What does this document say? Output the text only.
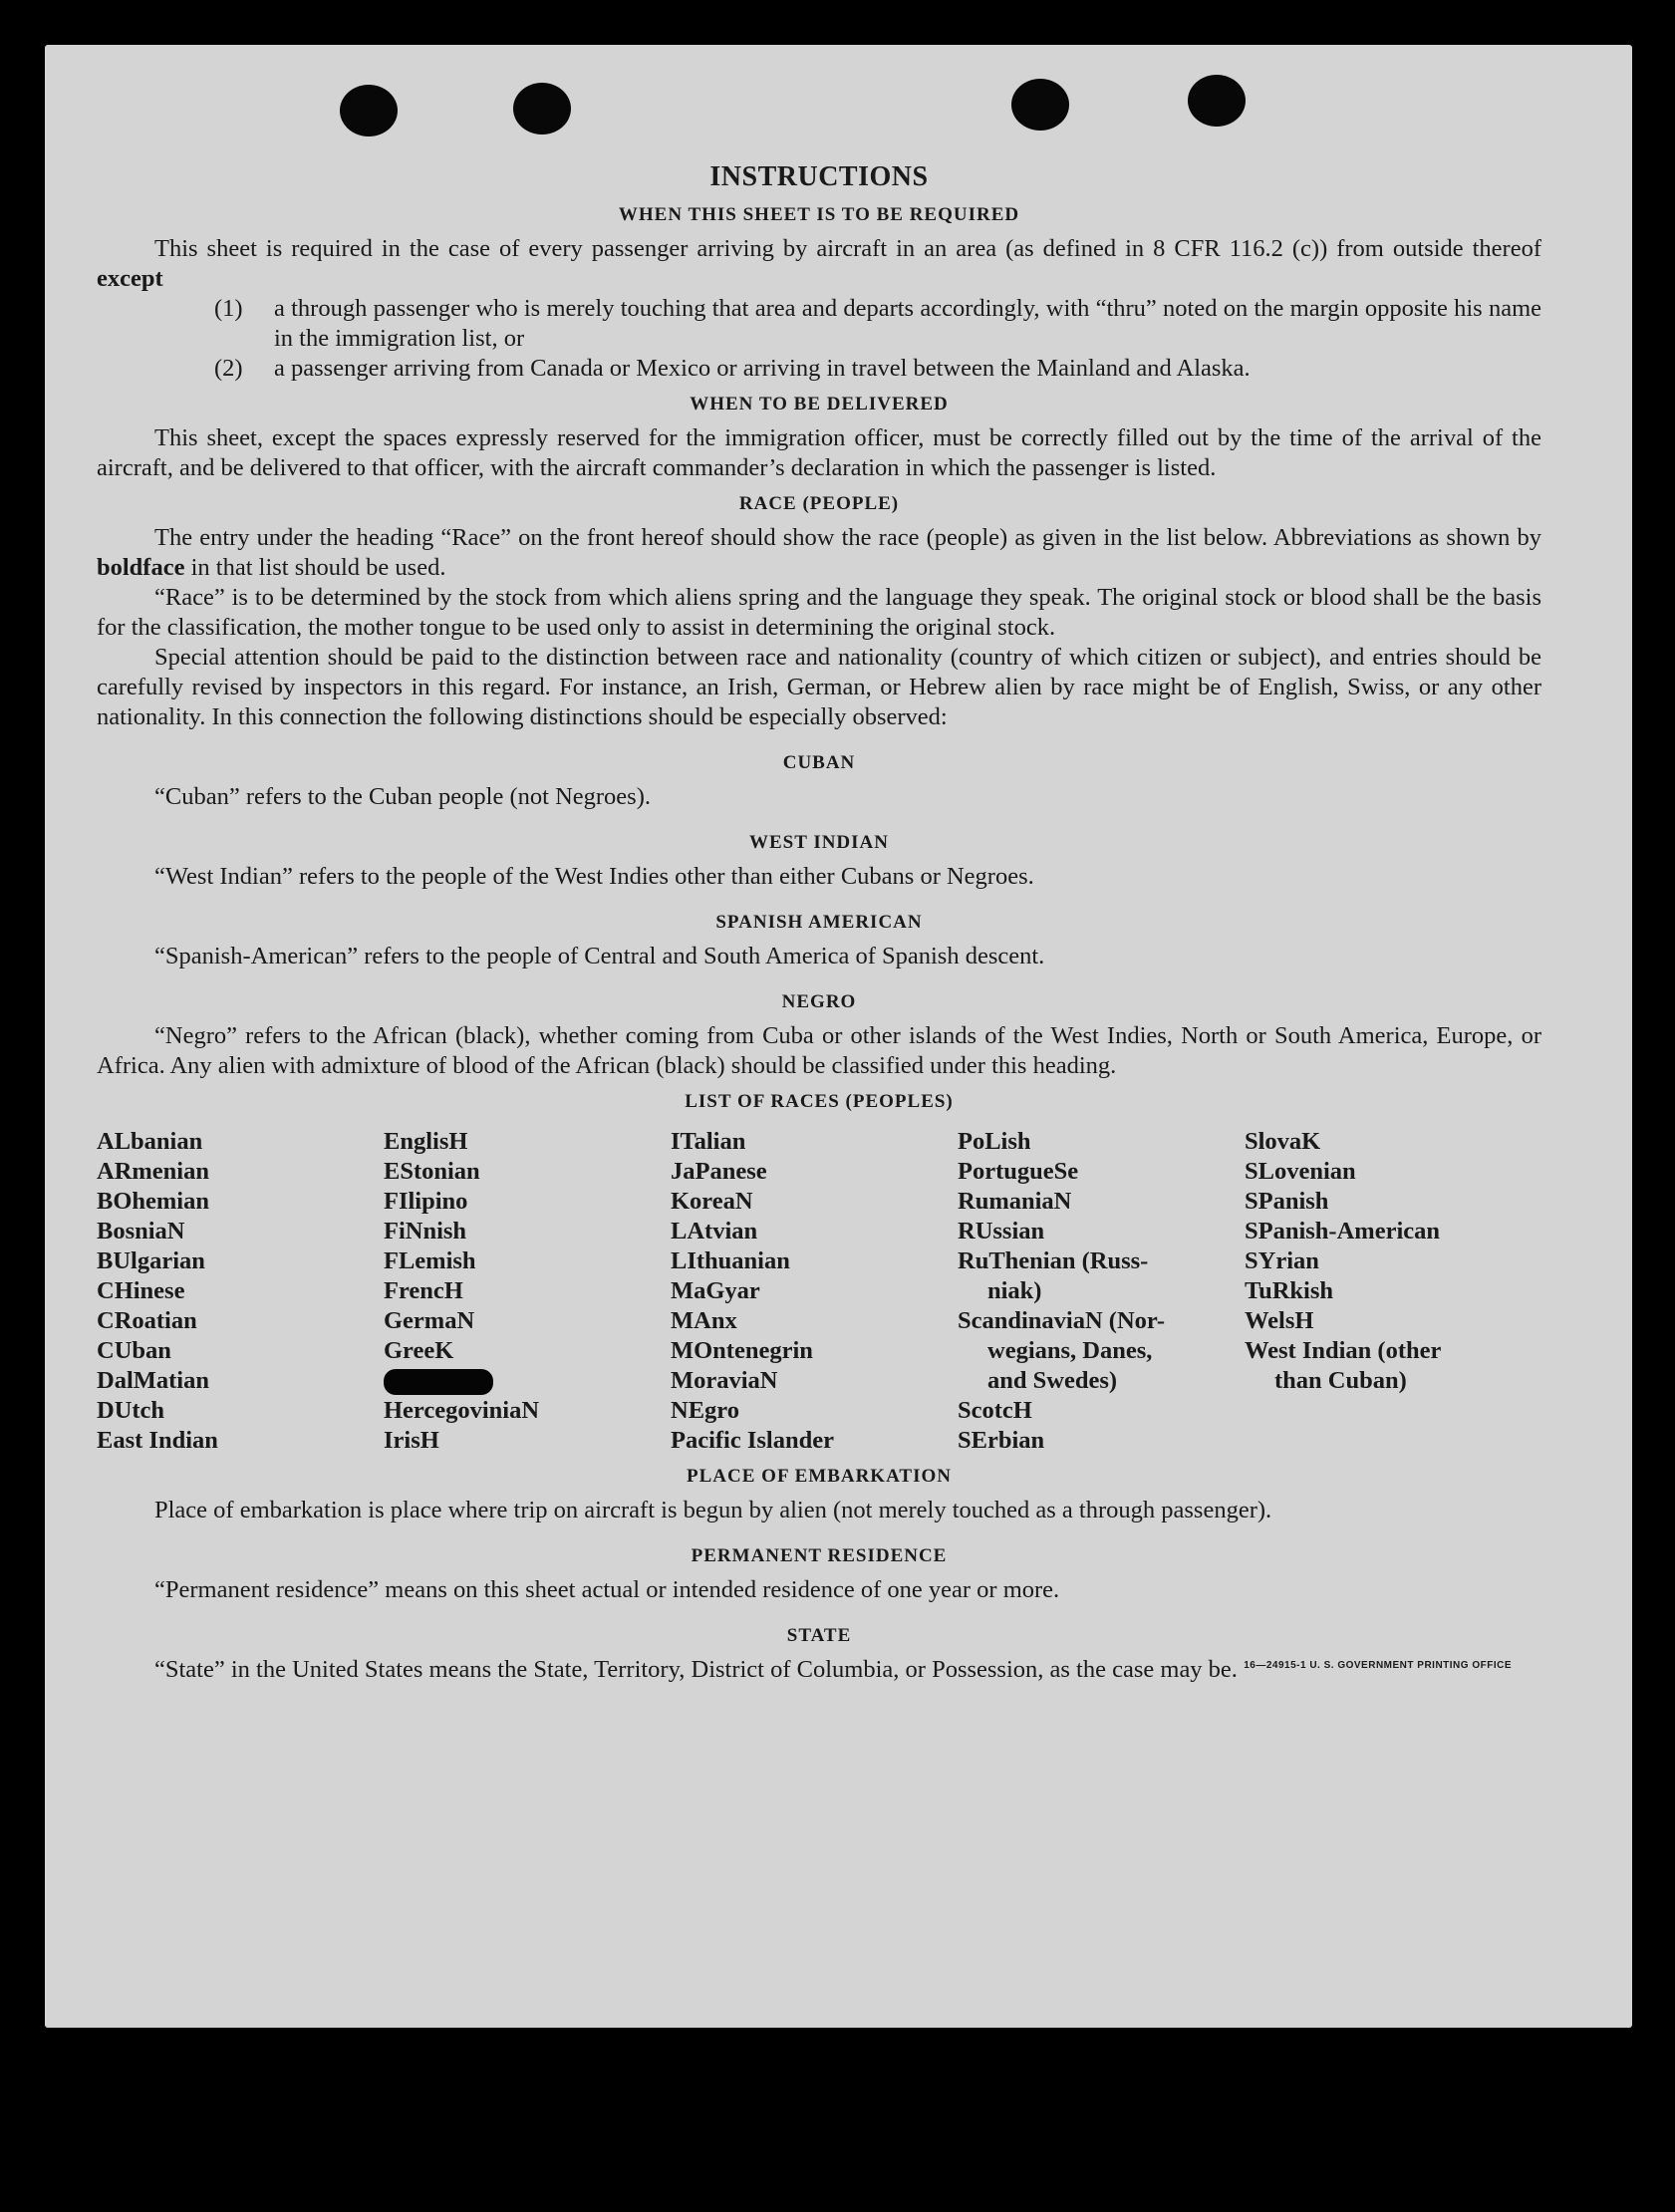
INSTRUCTIONS
WHEN THIS SHEET IS TO BE REQUIRED

This sheet is required in the case of every passenger arriving by aircraft in an area (as defined in 8 CFR 116.2 (c)) from outside thereof except

(1)	a through passenger who is merely touching that area and departs accordingly, with “thru” noted on the margin opposite his name in the immigration list, or
(2)	a passenger arriving from Canada or Mexico or arriving in travel between the Mainland and Alaska.
WHEN TO BE DELIVERED

This sheet, except the spaces expressly reserved for the immigration officer, must be correctly filled out by the time of the arrival of the aircraft, and be delivered to that officer, with the aircraft commander’s declaration in which the passenger is listed.

RACE (PEOPLE)

The entry under the heading “Race” on the front hereof should show the race (people) as given in the list below. Abbreviations as shown by boldface in that list should be used.

“Race” is to be determined by the stock from which aliens spring and the language they speak. The original stock or blood shall be the basis for the classification, the mother tongue to be used only to assist in determining the original stock.

Special attention should be paid to the distinction between race and nationality (country of which citizen or subject), and entries should be carefully revised by inspectors in this regard. For instance, an Irish, German, or Hebrew alien by race might be of English, Swiss, or any other nationality. In this connection the following distinctions should be especially observed:

CUBAN

“Cuban” refers to the Cuban people (not Negroes).

WEST INDIAN

“West Indian” refers to the people of the West Indies other than either Cubans or Negroes.

SPANISH AMERICAN

“Spanish-American” refers to the people of Central and South America of Spanish descent.

NEGRO

“Negro” refers to the African (black), whether coming from Cuba or other islands of the West Indies, North or South America, Europe, or Africa. Any alien with admixture of blood of the African (black) should be classified under this heading.

LIST OF RACES (PEOPLES)
ALbanian
ARmenian
BOhemian
BosniaN
BUlgarian
CHinese
CRoatian
CUban
DalMatian
DUtch
East Indian
EnglisH
EStonian
FIlipino
FiNnish
FLemish
FrencH
GermaN
GreeK
HercegoviniaN
IrisH
ITalian
JaPanese
KoreaN
LAtvian
LIthuanian
MaGyar
MAnx
MOntenegrin
MoraviaN
NEgro
Pacific Islander
PoLish
PortugueSe
RumaniaN
RUssian
RuThenian (Russ-
niak)
ScandinaviaN (Nor-
wegians, Danes,
and Swedes)
ScotcH
SErbian
SlovaK
SLovenian
SPanish
SPanish-American
SYrian
TuRkish
WelsH
West Indian (other
than Cuban)
PLACE OF EMBARKATION

Place of embarkation is place where trip on aircraft is begun by alien (not merely touched as a through passenger).

PERMANENT RESIDENCE

“Permanent residence” means on this sheet actual or intended residence of one year or more.

STATE

“State” in the United States means the State, Territory, District of Columbia, or Possession, as the case may be. 16—24915-1 U. S. GOVERNMENT PRINTING OFFICE
